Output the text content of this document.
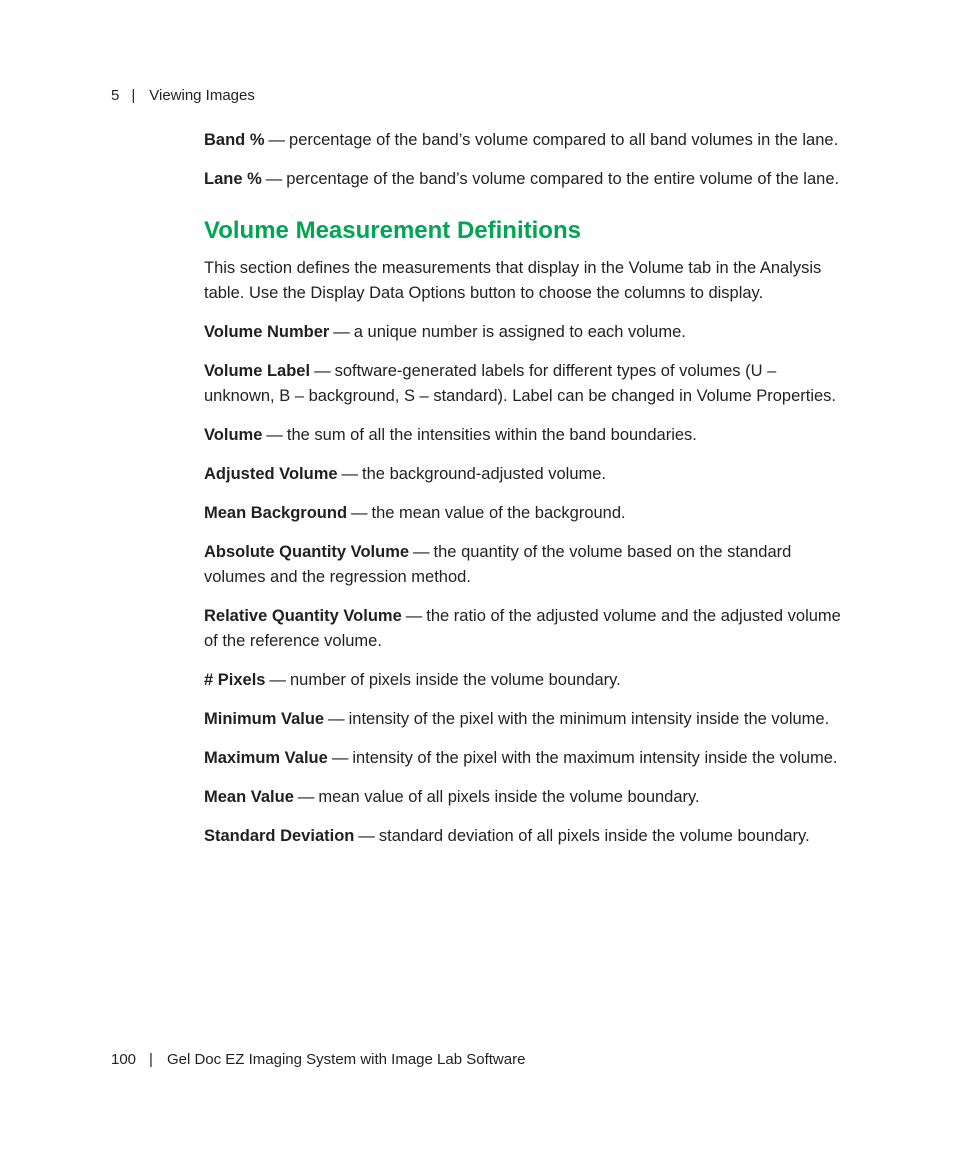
5 | Viewing Images

Band % — percentage of the band’s volume compared to all band volumes in the lane.

Lane % — percentage of the band’s volume compared to the entire volume of the lane.

Volume Measurement Definitions

This section defines the measurements that display in the Volume tab in the Analysis table. Use the Display Data Options button to choose the columns to display.

Volume Number — a unique number is assigned to each volume.

Volume Label — software-generated labels for different types of volumes (U – unknown, B – background, S – standard). Label can be changed in Volume Properties.

Volume — the sum of all the intensities within the band boundaries.

Adjusted Volume — the background-adjusted volume.

Mean Background — the mean value of the background.

Absolute Quantity Volume — the quantity of the volume based on the standard volumes and the regression method.

Relative Quantity Volume — the ratio of the adjusted volume and the adjusted volume of the reference volume.

# Pixels — number of pixels inside the volume boundary.

Minimum Value — intensity of the pixel with the minimum intensity inside the volume.

Maximum Value — intensity of the pixel with the maximum intensity inside the volume.

Mean Value — mean value of all pixels inside the volume boundary.

Standard Deviation — standard deviation of all pixels inside the volume boundary.

100 | Gel Doc EZ Imaging System with Image Lab Software
